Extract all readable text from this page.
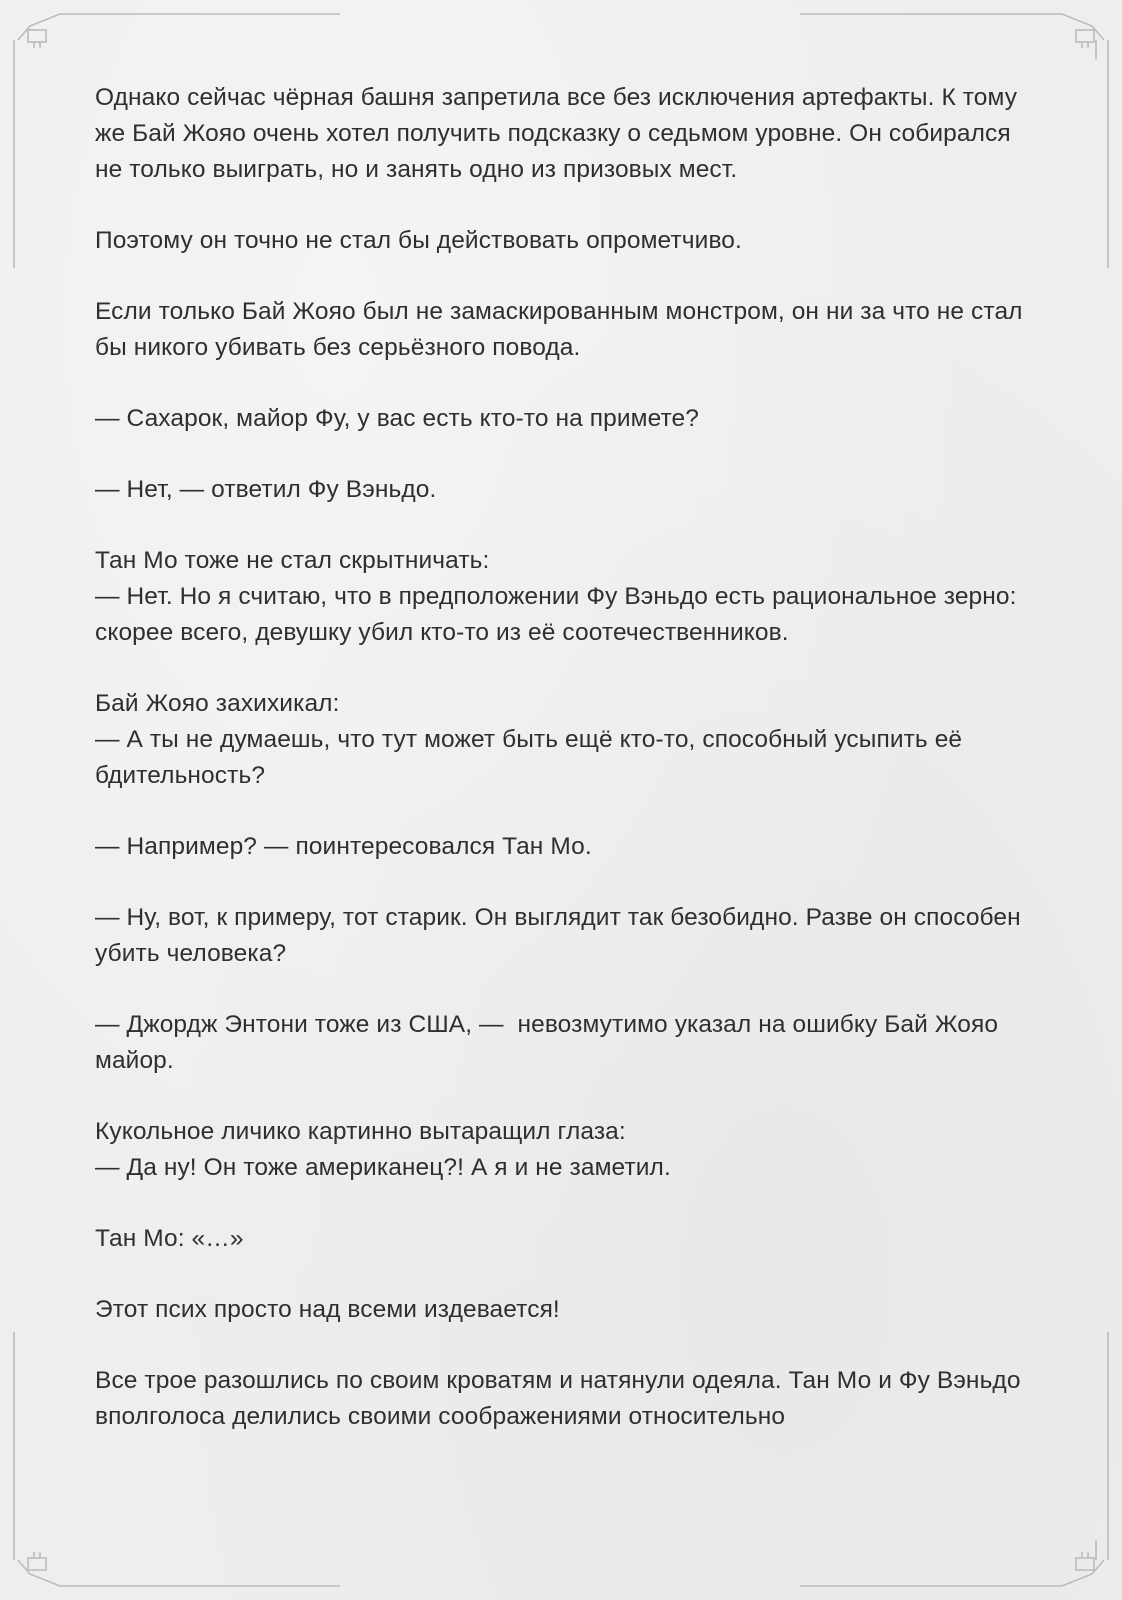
Однако сейчас чёрная башня запретила все без исключения артефакты. К тому же Бай Жояо очень хотел получить подсказку о седьмом уровне. Он собирался не только выиграть, но и занять одно из призовых мест.

Поэтому он точно не стал бы действовать опрометчиво.

Если только Бай Жояо был не замаскированным монстром, он ни за что не стал бы никого убивать без серьёзного повода.

— Сахарок, майор Фу, у вас есть кто-то на примете?

— Нет, — ответил Фу Вэньдо.

Тан Мо тоже не стал скрытничать:
— Нет. Но я считаю, что в предположении Фу Вэньдо есть рациональное зерно: скорее всего, девушку убил кто-то из её соотечественников.

Бай Жояо захихикал:
— А ты не думаешь, что тут может быть ещё кто-то, способный усыпить её бдительность?

— Например? — поинтересовался Тан Мо.

— Ну, вот, к примеру, тот старик. Он выглядит так безобидно. Разве он способен убить человека?

— Джордж Энтони тоже из США, —  невозмутимо указал на ошибку Бай Жояо майор.

Кукольное личико картинно вытаращил глаза:
— Да ну! Он тоже американец?! А я и не заметил.

Тан Мо: «…»

Этот псих просто над всеми издевается!

Все трое разошлись по своим кроватям и натянули одеяла. Тан Мо и Фу Вэньдо вполголоса делились своими соображениями относительно
